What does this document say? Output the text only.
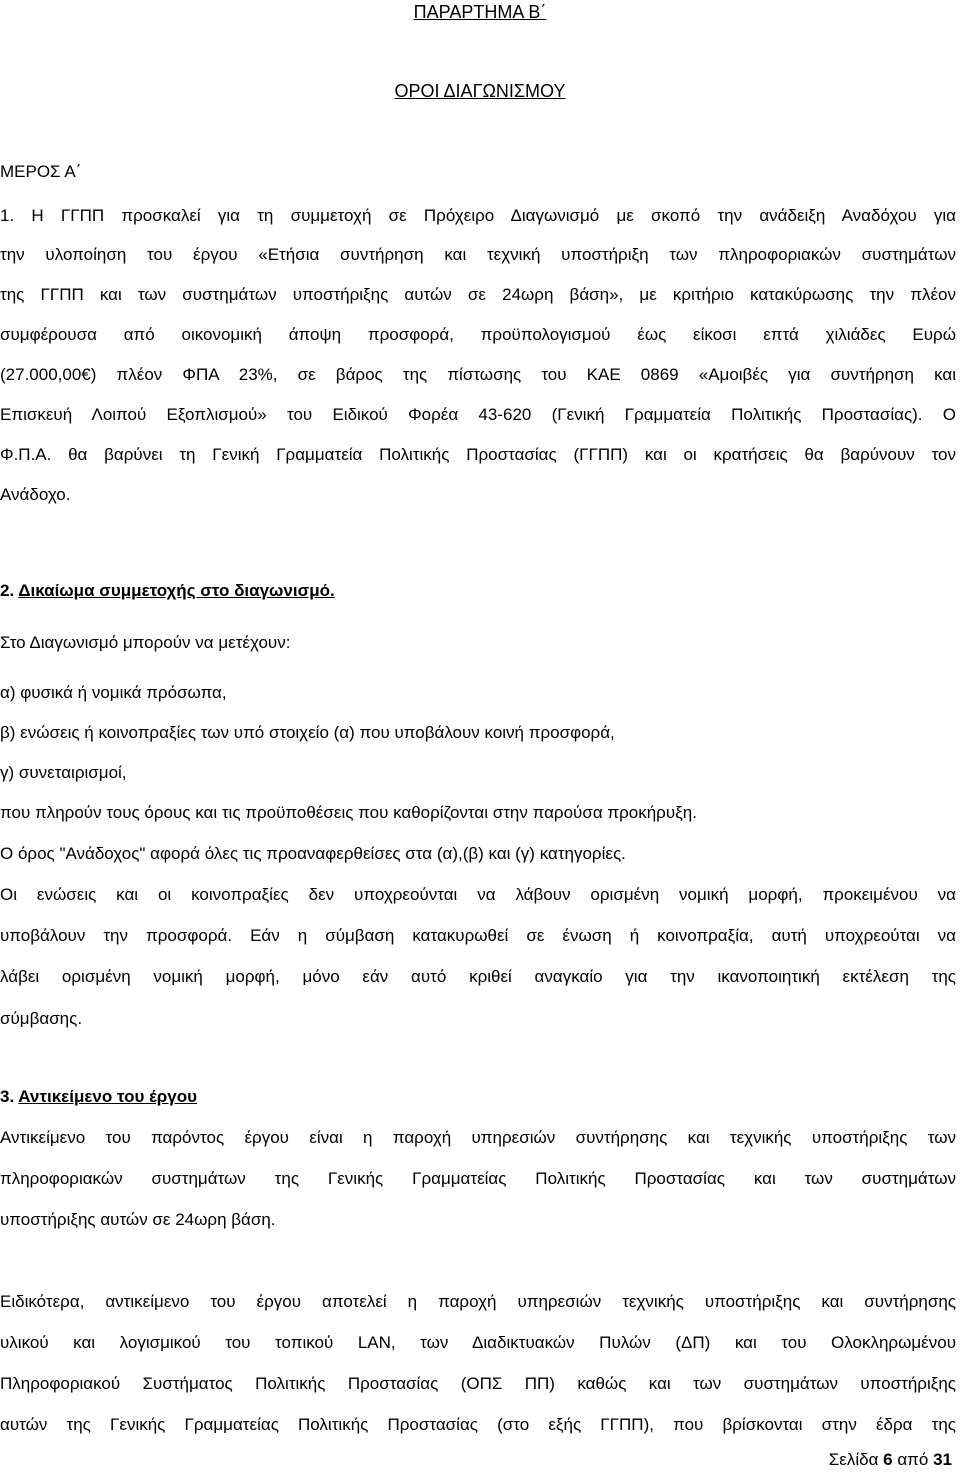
ΠΑΡΑΡΤΗΜΑ Β΄
ΟΡΟΙ ΔΙΑΓΩΝΙΣΜΟΥ
ΜΕΡΟΣ Α΄
1. Η ΓΓΠΠ προσκαλεί για τη συμμετοχή σε Πρόχειρο Διαγωνισμό με σκοπό την ανάδειξη Αναδόχου για
την υλοποίηση του έργου «Ετήσια συντήρηση και τεχνική υποστήριξη των πληροφοριακών συστημάτων
της ΓΓΠΠ και των συστημάτων υποστήριξης αυτών σε 24ωρη βάση», με κριτήριο κατακύρωσης την πλέον
συμφέρουσα από οικονομική άποψη προσφορά, προϋπολογισμού έως είκοσι επτά χιλιάδες Ευρώ
(27.000,00€) πλέον ΦΠΑ 23%, σε βάρος της πίστωσης του ΚΑΕ 0869 «Αμοιβές για συντήρηση και
Επισκευή Λοιπού Εξοπλισμού» του Ειδικού Φορέα 43-620 (Γενική Γραμματεία Πολιτικής Προστασίας). Ο
Φ.Π.Α. θα βαρύνει τη Γενική Γραμματεία Πολιτικής Προστασίας (ΓΓΠΠ) και οι κρατήσεις θα βαρύνουν τον
Ανάδοχο.
2. Δικαίωμα συμμετοχής στο διαγωνισμό.
Στο Διαγωνισμό μπορούν να μετέχουν:
α) φυσικά ή νομικά πρόσωπα,
β) ενώσεις ή κοινοπραξίες των υπό στοιχείο (α) που υποβάλουν κοινή προσφορά,
γ) συνεταιρισμοί,
που πληρούν τους όρους και τις προϋποθέσεις που καθορίζονται στην παρούσα προκήρυξη.
Ο όρος "Ανάδοχος" αφορά όλες τις προαναφερθείσες στα (α),(β) και (γ) κατηγορίες.
Οι ενώσεις και οι κοινοπραξίες δεν υποχρεούνται να λάβουν ορισμένη νομική μορφή, προκειμένου να
υποβάλουν την προσφορά. Εάν η σύμβαση κατακυρωθεί σε ένωση ή κοινοπραξία, αυτή υποχρεούται να
λάβει ορισμένη νομική μορφή, μόνο εάν αυτό κριθεί αναγκαίο για την ικανοποιητική εκτέλεση της
σύμβασης.
3. Αντικείμενο του έργου
Αντικείμενο του παρόντος έργου είναι η παροχή υπηρεσιών συντήρησης και τεχνικής υποστήριξης των
πληροφοριακών συστημάτων της Γενικής Γραμματείας Πολιτικής Προστασίας και των συστημάτων
υποστήριξης αυτών σε 24ωρη βάση.
Ειδικότερα, αντικείμενο του έργου αποτελεί η παροχή υπηρεσιών τεχνικής υποστήριξης και συντήρησης
υλικού και λογισμικού του τοπικού LAN, των Διαδικτυακών Πυλών (ΔΠ) και του Ολοκληρωμένου
Πληροφοριακού Συστήματος Πολιτικής Προστασίας (ΟΠΣ ΠΠ) καθώς και των συστημάτων υποστήριξης
αυτών της Γενικής Γραμματείας Πολιτικής Προστασίας (στο εξής ΓΓΠΠ), που βρίσκονται στην έδρα της
Σελίδα 6 από 31
